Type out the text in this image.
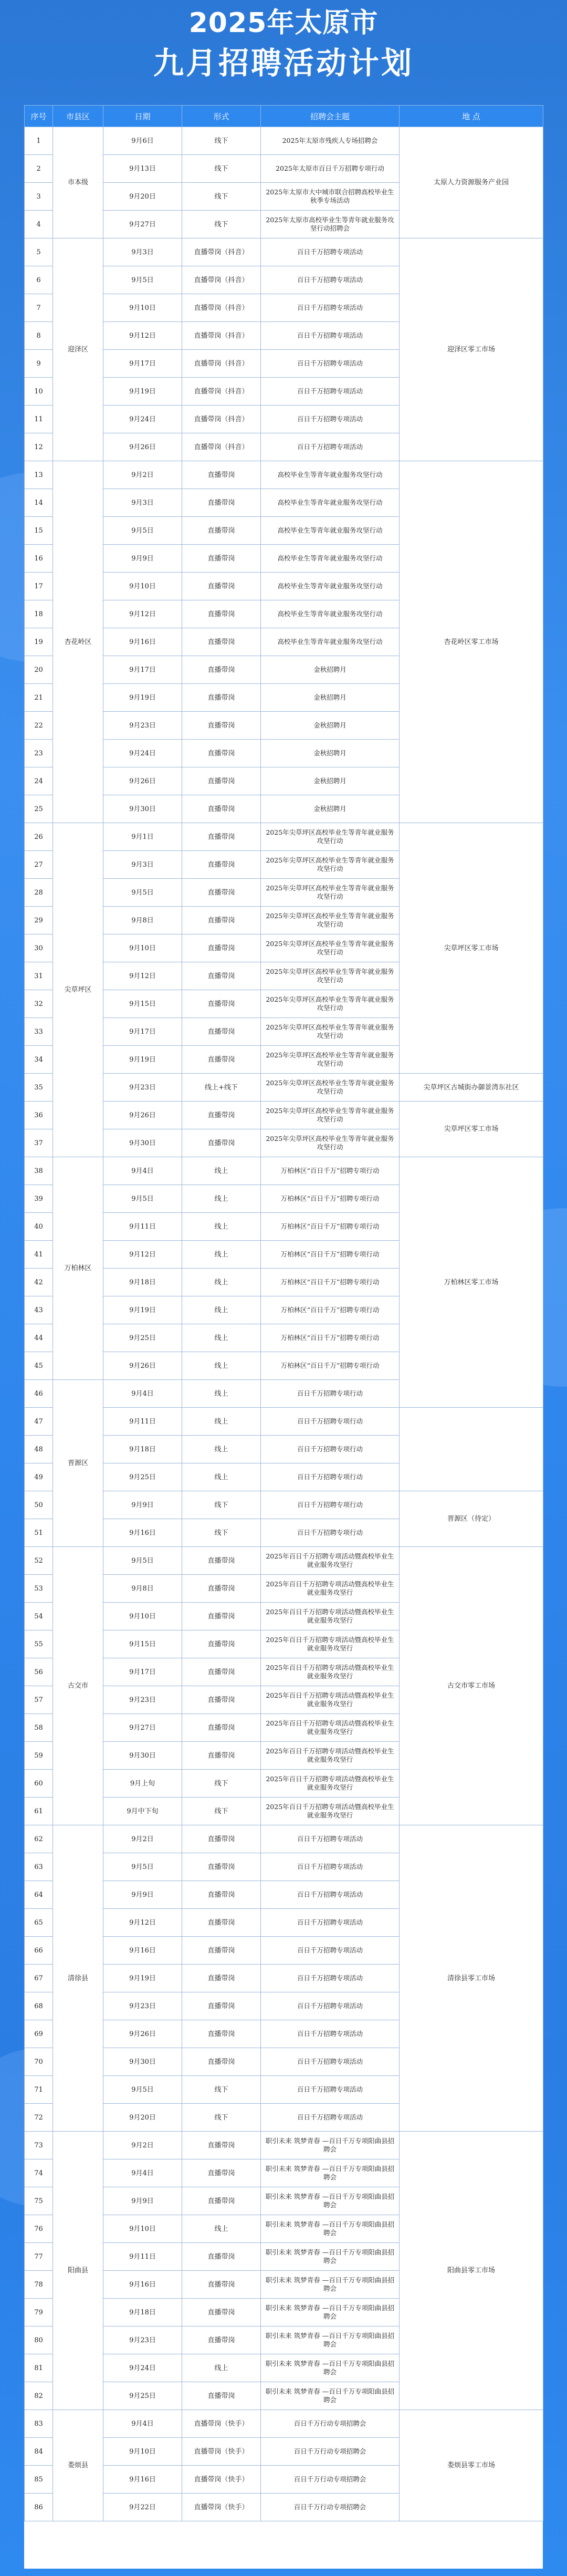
2025年太原市
九月招聘活动计划
序号	市县区	日期	形式	招聘会主题	地 点	
1	市本级	9月6日	线下	2025年太原市残疾人专场招聘会	太原人力资源服务产业园	
2		9月13日	线下	2025年太原市百日千万招聘专项行动		
3		9月20日	线下	2025年太原市大中城市联合招聘高校毕业生秋季专场活动		
4		9月27日	线下	2025年太原市高校毕业生等青年就业服务攻坚行动招聘会		
5	迎泽区	9月3日	直播带岗（抖音）	百日千万招聘专项活动	迎泽区零工市场	
6		9月5日	直播带岗（抖音）	百日千万招聘专项活动		
7		9月10日	直播带岗（抖音）	百日千万招聘专项活动		
8		9月12日	直播带岗（抖音）	百日千万招聘专项活动		
9		9月17日	直播带岗（抖音）	百日千万招聘专项活动		
10		9月19日	直播带岗（抖音）	百日千万招聘专项活动		
11		9月24日	直播带岗（抖音）	百日千万招聘专项活动		
12		9月26日	直播带岗（抖音）	百日千万招聘专项活动		
13	杏花岭区	9月2日	直播带岗	高校毕业生等青年就业服务攻坚行动	杏花岭区零工市场	
14		9月3日	直播带岗	高校毕业生等青年就业服务攻坚行动		
15		9月5日	直播带岗	高校毕业生等青年就业服务攻坚行动		
16		9月9日	直播带岗	高校毕业生等青年就业服务攻坚行动		
17		9月10日	直播带岗	高校毕业生等青年就业服务攻坚行动		
18		9月12日	直播带岗	高校毕业生等青年就业服务攻坚行动		
19		9月16日	直播带岗	高校毕业生等青年就业服务攻坚行动		
20		9月17日	直播带岗	金秋招聘月		
21		9月19日	直播带岗	金秋招聘月		
22		9月23日	直播带岗	金秋招聘月		
23		9月24日	直播带岗	金秋招聘月		
24		9月26日	直播带岗	金秋招聘月		
25		9月30日	直播带岗	金秋招聘月		
26	尖草坪区	9月1日	直播带岗	2025年尖草坪区高校毕业生等青年就业服务攻坚行动	尖草坪区零工市场	
27		9月3日	直播带岗	2025年尖草坪区高校毕业生等青年就业服务攻坚行动		
28		9月5日	直播带岗	2025年尖草坪区高校毕业生等青年就业服务攻坚行动		
29		9月8日	直播带岗	2025年尖草坪区高校毕业生等青年就业服务攻坚行动		
30		9月10日	直播带岗	2025年尖草坪区高校毕业生等青年就业服务攻坚行动		
31		9月12日	直播带岗	2025年尖草坪区高校毕业生等青年就业服务攻坚行动		
32		9月15日	直播带岗	2025年尖草坪区高校毕业生等青年就业服务攻坚行动		
33		9月17日	直播带岗	2025年尖草坪区高校毕业生等青年就业服务攻坚行动		
34		9月19日	直播带岗	2025年尖草坪区高校毕业生等青年就业服务攻坚行动		
35		9月23日	线上+线下	2025年尖草坪区高校毕业生等青年就业服务攻坚行动	尖草坪区古城街办御景湾东社区	
36		9月26日	直播带岗	2025年尖草坪区高校毕业生等青年就业服务攻坚行动	尖草坪区零工市场	
37		9月30日	直播带岗	2025年尖草坪区高校毕业生等青年就业服务攻坚行动		
38	万柏林区	9月4日	线上	万柏林区“百日千万”招聘专项行动	万柏林区零工市场	
39		9月5日	线上	万柏林区“百日千万”招聘专项行动		
40		9月11日	线上	万柏林区“百日千万”招聘专项行动		
41		9月12日	线上	万柏林区“百日千万”招聘专项行动		
42		9月18日	线上	万柏林区“百日千万”招聘专项行动		
43		9月19日	线上	万柏林区“百日千万”招聘专项行动		
44		9月25日	线上	万柏林区“百日千万”招聘专项行动		
45		9月26日	线上	万柏林区“百日千万”招聘专项行动		
46	晋源区	9月4日	线上	百日千万招聘专项行动	
47		9月11日	线上	百日千万招聘专项行动		
48		9月18日	线上	百日千万招聘专项行动		
49		9月25日	线上	百日千万招聘专项行动		
50		9月9日	线下	百日千万招聘专项行动	晋源区（待定）	
51		9月16日	线下	百日千万招聘专项行动		
52	古交市	9月5日	直播带岗	2025年百日千万招聘专项活动暨高校毕业生就业服务攻坚行	古交市零工市场	
53		9月8日	直播带岗	2025年百日千万招聘专项活动暨高校毕业生就业服务攻坚行		
54		9月10日	直播带岗	2025年百日千万招聘专项活动暨高校毕业生就业服务攻坚行		
55		9月15日	直播带岗	2025年百日千万招聘专项活动暨高校毕业生就业服务攻坚行		
56		9月17日	直播带岗	2025年百日千万招聘专项活动暨高校毕业生就业服务攻坚行		
57		9月23日	直播带岗	2025年百日千万招聘专项活动暨高校毕业生就业服务攻坚行		
58		9月27日	直播带岗	2025年百日千万招聘专项活动暨高校毕业生就业服务攻坚行		
59		9月30日	直播带岗	2025年百日千万招聘专项活动暨高校毕业生就业服务攻坚行		
60		9月上旬	线下	2025年百日千万招聘专项活动暨高校毕业生就业服务攻坚行		
61		9月中下旬	线下	2025年百日千万招聘专项活动暨高校毕业生就业服务攻坚行		
62	清徐县	9月2日	直播带岗	百日千万招聘专项活动	清徐县零工市场	
63		9月5日	直播带岗	百日千万招聘专项活动		
64		9月9日	直播带岗	百日千万招聘专项活动		
65		9月12日	直播带岗	百日千万招聘专项活动		
66		9月16日	直播带岗	百日千万招聘专项活动		
67		9月19日	直播带岗	百日千万招聘专项活动		
68		9月23日	直播带岗	百日千万招聘专项活动		
69		9月26日	直播带岗	百日千万招聘专项活动		
70		9月30日	直播带岗	百日千万招聘专项活动		
71		9月5日	线下	百日千万招聘专项活动		
72		9月20日	线下	百日千万招聘专项活动		
73	阳曲县	9月2日	直播带岗	职引未来 筑梦青春 —百日千万专项阳曲县招聘会	阳曲县零工市场	
74		9月4日	直播带岗	职引未来 筑梦青春 —百日千万专项阳曲县招聘会		
75		9月9日	直播带岗	职引未来 筑梦青春 —百日千万专项阳曲县招聘会		
76		9月10日	线上	职引未来 筑梦青春 —百日千万专项阳曲县招聘会		
77		9月11日	直播带岗	职引未来 筑梦青春 —百日千万专项阳曲县招聘会		
78		9月16日	直播带岗	职引未来 筑梦青春 —百日千万专项阳曲县招聘会		
79		9月18日	直播带岗	职引未来 筑梦青春 —百日千万专项阳曲县招聘会		
80		9月23日	直播带岗	职引未来 筑梦青春 —百日千万专项阳曲县招聘会		
81		9月24日	线上	职引未来 筑梦青春 —百日千万专项阳曲县招聘会		
82		9月25日	直播带岗	职引未来 筑梦青春 —百日千万专项阳曲县招聘会		
83	娄烦县	9月4日	直播带岗（快手）	百日千万行动专项招聘会	娄烦县零工市场	
84		9月10日	直播带岗（快手）	百日千万行动专项招聘会		
85		9月16日	直播带岗（快手）	百日千万行动专项招聘会		
86		9月22日	直播带岗（快手）	百日千万行动专项招聘会		
